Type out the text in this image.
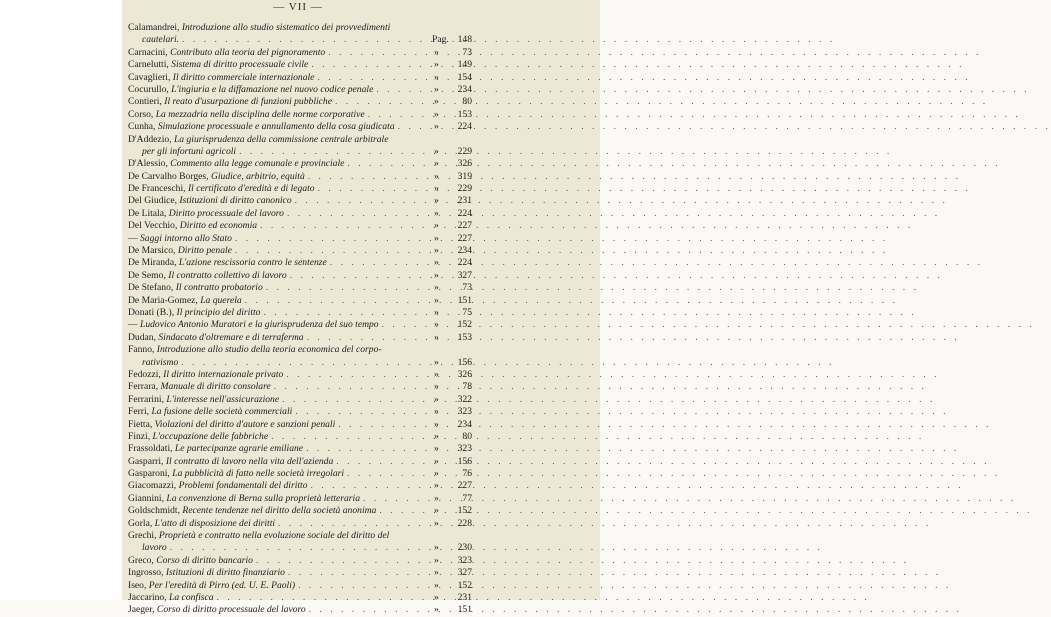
— VII —
Calamandrei, Introduzione allo studio sistematico dei provvedimenti
cautelari. . . .	Pag. 148
Carnacini, Contributo alla teoria del pignoramento . . .	»	73
Carnelutti, Sistema di diritto processuale civile . . .	»	149
Cavaglieri, Il diritto commerciale internazionale . . .	»	154
Cocurullo, L'ingiuria e la diffamazione nel nuovo codice penale . . .	»	234
Contieri, Il reato d'usurpazione di funzioni pubbliche . . .	»	80
Corso, La mezzadria nella disciplina delle norme corporative . . .	»	153
Cunha, Simulazione processuale e annullamento della cosa giudicata . . .	»	224
D'Addezio, La giurisprudenza della commissione centrale arbitrale
per gli infortuni agricoli . . .	»	229
D'Alessio, Commento alla legge comunale e provinciale . . .	»	326
De Carvalho Borges, Giudice, arbitrio, equità . . .	»	319
De Franceschi, Il certificato d'eredità e di legato . . .	»	229
Del Giudice, Istituzioni di diritto canonico . . .	»	231
De Litala, Diritto processuale del lavoro . . .	»	224
Del Vecchio, Diritto ed economia . . .	»	227
— Saggi intorno allo Stato . . .	»	227
De Marsico, Diritto penale . . .	»	234
De Miranda, L'azione rescissoria contro le sentenze . . .	»	224
De Semo, Il contratto collettivo di lavoro . . .	»	327
De Stefano, Il contratto probatorio . . .	»	73
De Maria-Gomez, La querela . . .	»	151
Donati (B.), Il principio del diritto . . .	»	75
— Ludovico Antonio Muratori e la giurisprudenza del suo tempo . . .	»	152
Dudan, Sindacato d'oltremare e di terraferma . . .	»	153
Fanno, Introduzione allo studio della teoria economica del corpo-
rativismo . . .	»	156
Fedozzi, Il diritto internazionale privato . . .	»	326
Ferrara, Manuale di diritto consolare . . .	»	78
Ferrarini, L'interesse nell'assicurazione . . .	»	322
Ferri, La fusione delle società commerciali . . .	»	323
Fietta, Violazioni del diritto d'autore e sanzioni penali . . .	»	234
Finzi, L'occupazione delle fabbriche . . .	»	80
Frassoldati, Le partecipanze agrarie emiliane . . .	»	323
Gasparri, Il contratto di lavoro nella vita dell'azienda . . .	»	156
Gasparoni, La pubblicità di fatto nelle società irregolari . . .	»	76
Giacomazzi, Problemi fondamentali del diritto . . .	»	227
Giannini, La convenzione di Berna sulla proprietà letteraria . . .	»	77
Goldschmidt, Recente tendenze nel diritto della società anonima . . .	»	152
Gorla, L'atto di disposizione dei diritti . . .	»	228
Grechi, Proprietà e contratto nella evoluzione sociale del diritto del
lavoro . . .	»	230
Greco, Corso di diritto bancario . . .	»	323
Ingrosso, Istituzioni di diritto finanziario . . .	»	327
Iseo, Per l'eredità di Pirro (ed. U. E. Paoli) . . .	»	152
Jaccarino, La confisca . . .	»	231
Jaeger, Corso di diritto processuale del lavoro . . .	»	151
